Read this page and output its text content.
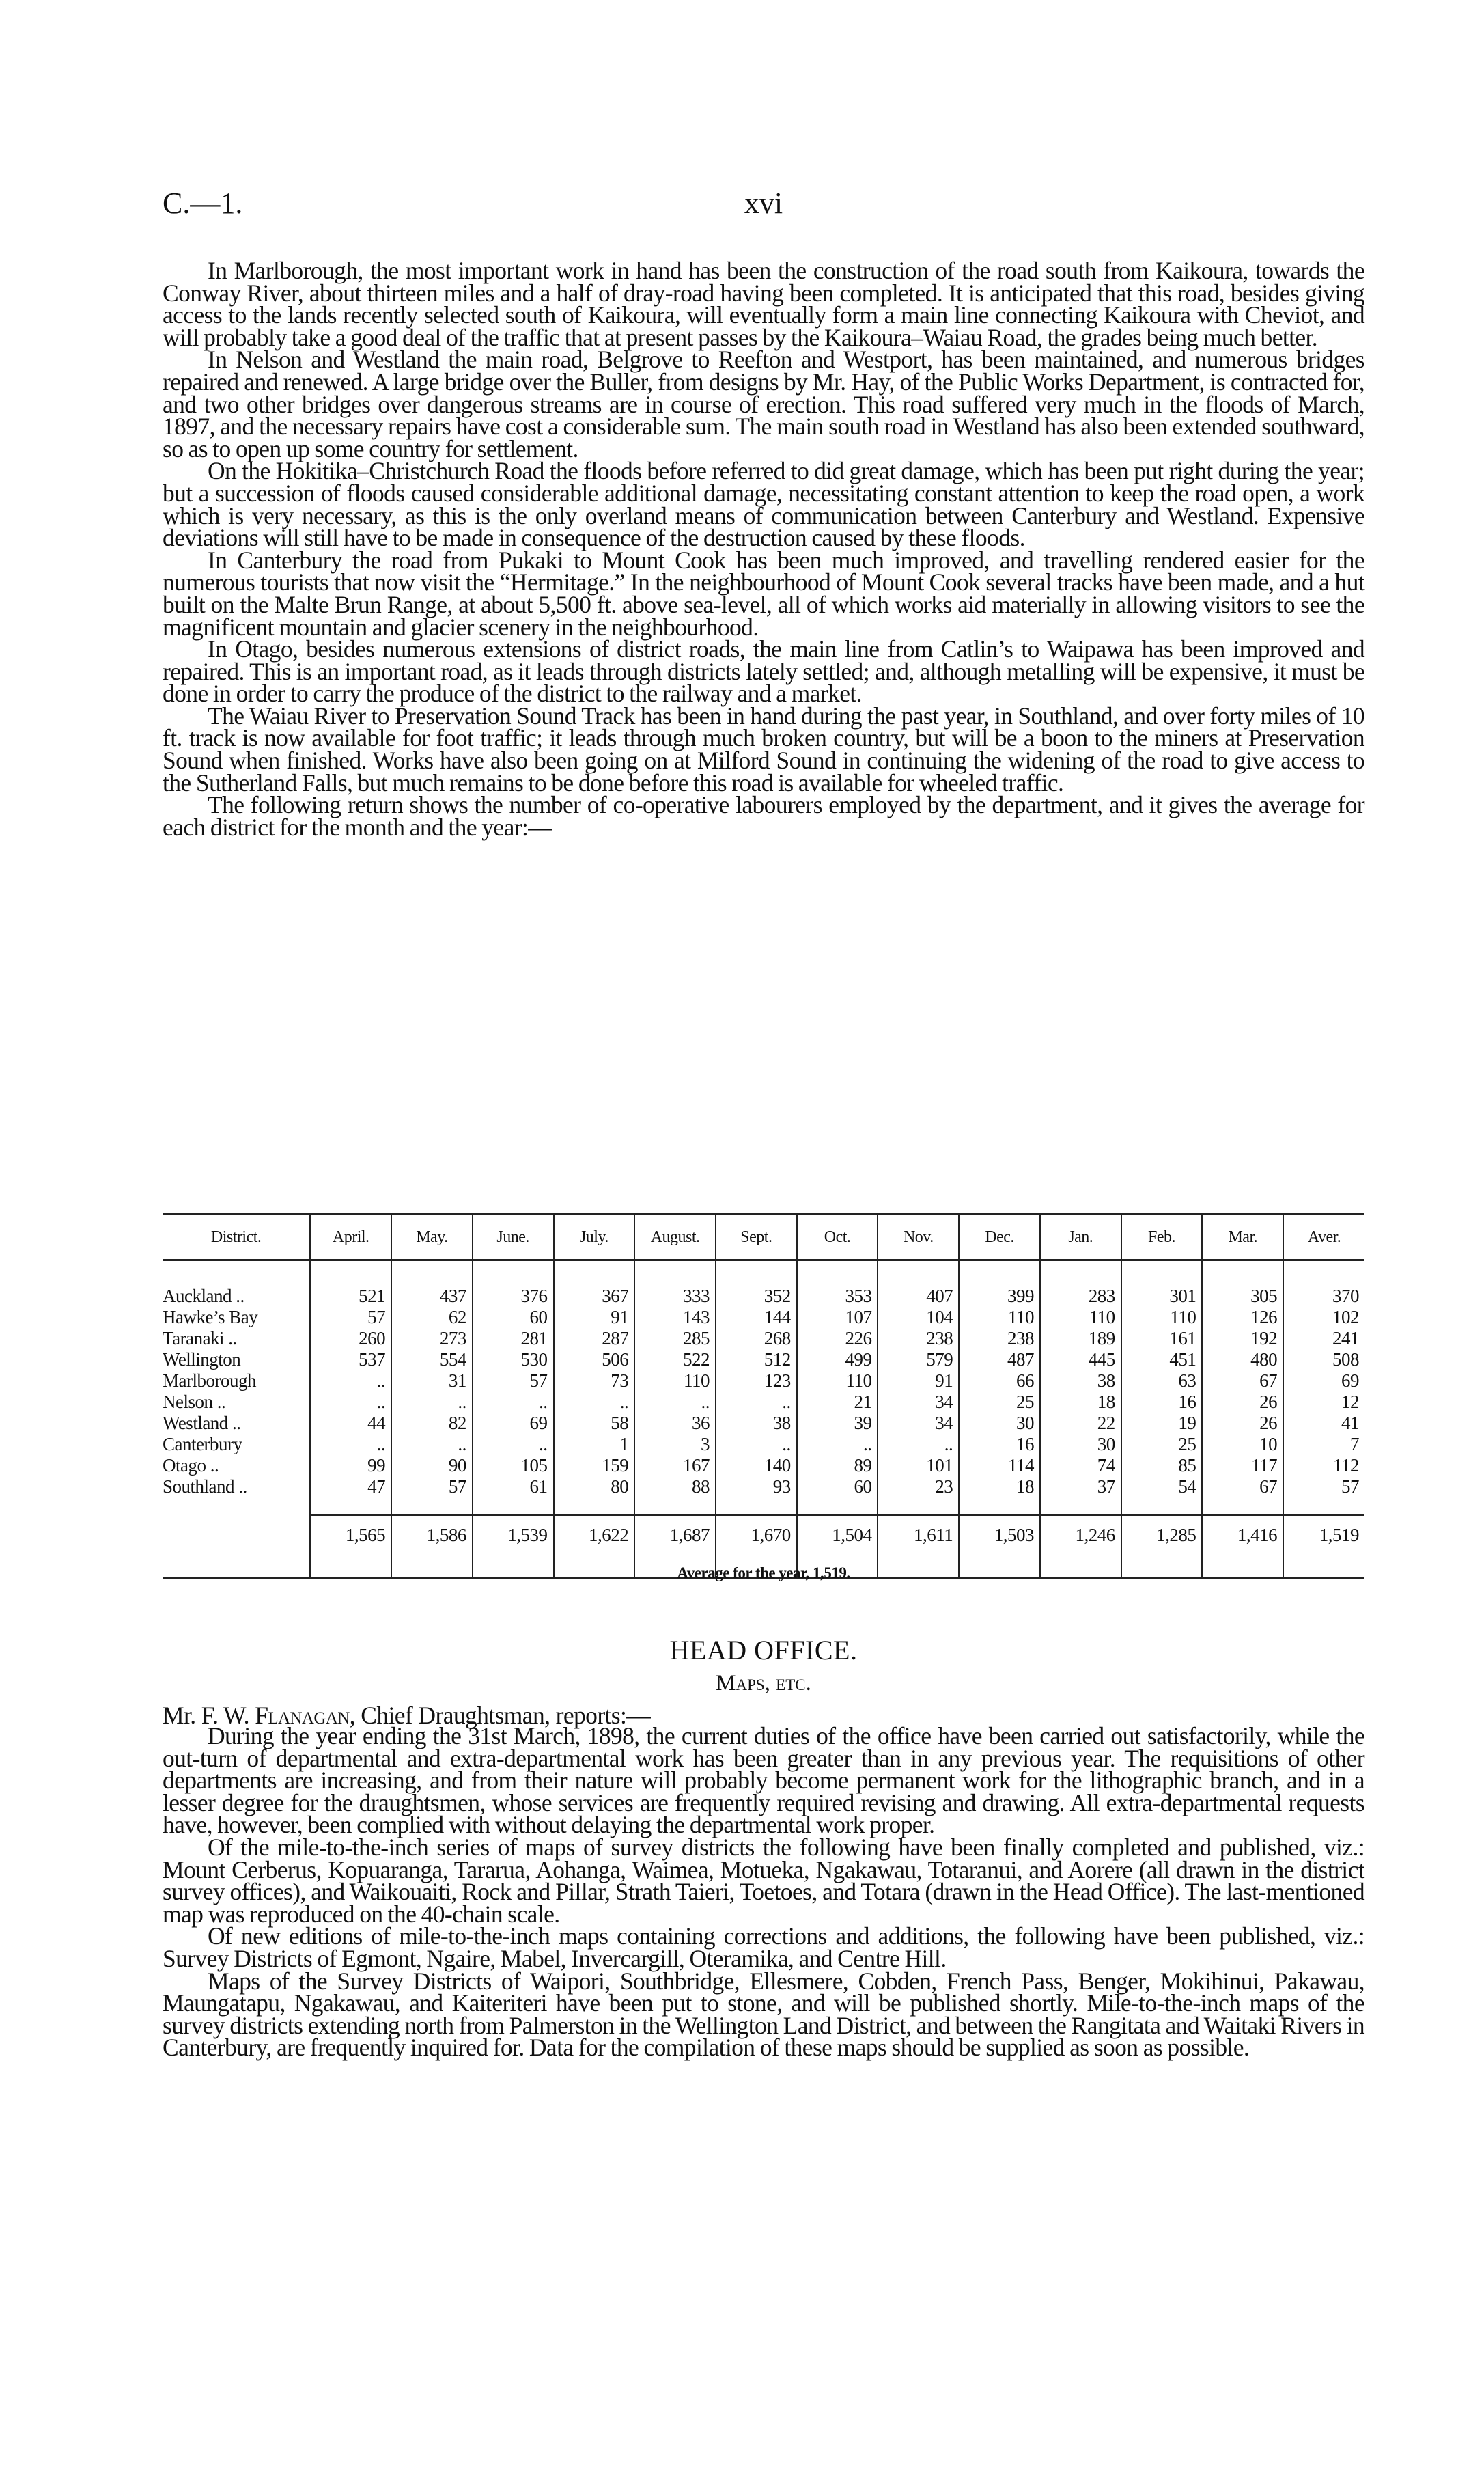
C.—1.	xvi

In Marlborough, the most important work in hand has been the construction of the road south from Kaikoura, towards the Conway River, about thirteen miles and a half of dray-road having been completed. It is anticipated that this road, besides giving access to the lands recently selected south of Kaikoura, will eventually form a main line connecting Kaikoura with Cheviot, and will probably take a good deal of the traffic that at present passes by the Kaikoura–Waiau Road, the grades being much better.

In Nelson and Westland the main road, Belgrove to Reefton and Westport, has been maintained, and numerous bridges repaired and renewed. A large bridge over the Buller, from designs by Mr. Hay, of the Public Works Department, is contracted for, and two other bridges over dangerous streams are in course of erection. This road suffered very much in the floods of March, 1897, and the necessary repairs have cost a considerable sum. The main south road in Westland has also been extended southward, so as to open up some country for settlement.

On the Hokitika–Christchurch Road the floods before referred to did great damage, which has been put right during the year; but a succession of floods caused considerable additional damage, necessitating constant attention to keep the road open, a work which is very necessary, as this is the only overland means of communication between Canterbury and Westland. Expensive deviations will still have to be made in consequence of the destruction caused by these floods.

In Canterbury the road from Pukaki to Mount Cook has been much improved, and travelling rendered easier for the numerous tourists that now visit the “Hermitage.” In the neighbourhood of Mount Cook several tracks have been made, and a hut built on the Malte Brun Range, at about 5,500 ft. above sea-level, all of which works aid materially in allowing visitors to see the magnificent mountain and glacier scenery in the neighbourhood.

In Otago, besides numerous extensions of district roads, the main line from Catlin’s to Waipawa has been improved and repaired. This is an important road, as it leads through districts lately settled; and, although metalling will be expensive, it must be done in order to carry the produce of the district to the railway and a market.

The Waiau River to Preservation Sound Track has been in hand during the past year, in Southland, and over forty miles of 10 ft. track is now available for foot traffic; it leads through much broken country, but will be a boon to the miners at Preservation Sound when finished. Works have also been going on at Milford Sound in continuing the widening of the road to give access to the Sutherland Falls, but much remains to be done before this road is available for wheeled traffic.

The following return shows the number of co-operative labourers employed by the department, and it gives the average for each district for the month and the year:—

District.	April.	May.	June.	July.	August.	Sept.	Oct.	Nov.	Dec.	Jan.	Feb.	Mar.	Aver.

Auckland ..	521	437	376	367	333	352	353	407	399	283	301	305	370
Hawke’s Bay	57	62	60	91	143	144	107	104	110	110	110	126	102
Taranaki ..	260	273	281	287	285	268	226	238	238	189	161	192	241
Wellington	537	554	530	506	522	512	499	579	487	445	451	480	508
Marlborough	..	31	57	73	110	123	110	91	66	38	63	67	69
Nelson ..	..	..	..	..	..	..	21	34	25	18	16	26	12
Westland ..	44	82	69	58	36	38	39	34	30	22	19	26	41
Canterbury	..	..	..	1	3	..	..	..	16	30	25	10	7
Otago ..	99	90	105	159	167	140	89	101	114	74	85	117	112
Southland ..	47	57	61	80	88	93	60	23	18	37	54	67	57

	1,565	1,586	1,539	1,622	1,687	1,670	1,504	1,611	1,503	1,246	1,285	1,416	1,519

Average for the year, 1,519.
HEAD OFFICE.
Maps, etc.
Mr. F. W. Flanagan, Chief Draughtsman, reports:—

During the year ending the 31st March, 1898, the current duties of the office have been carried out satisfactorily, while the out-turn of departmental and extra-departmental work has been greater than in any previous year. The requisitions of other departments are increasing, and from their nature will probably become permanent work for the lithographic branch, and in a lesser degree for the draughtsmen, whose services are frequently required revising and drawing. All extra-departmental requests have, however, been complied with without delaying the departmental work proper.

Of the mile-to-the-inch series of maps of survey districts the following have been finally completed and published, viz.: Mount Cerberus, Kopuaranga, Tararua, Aohanga, Waimea, Motueka, Ngakawau, Totaranui, and Aorere (all drawn in the district survey offices), and Waikouaiti, Rock and Pillar, Strath Taieri, Toetoes, and Totara (drawn in the Head Office). The last-mentioned map was reproduced on the 40-chain scale.

Of new editions of mile-to-the-inch maps containing corrections and additions, the following have been published, viz.: Survey Districts of Egmont, Ngaire, Mabel, Invercargill, Oteramika, and Centre Hill.

Maps of the Survey Districts of Waipori, Southbridge, Ellesmere, Cobden, French Pass, Benger, Mokihinui, Pakawau, Maungatapu, Ngakawau, and Kaiteriteri have been put to stone, and will be published shortly. Mile-to-the-inch maps of the survey districts extending north from Palmerston in the Wellington Land District, and between the Rangitata and Waitaki Rivers in Canterbury, are frequently inquired for. Data for the compilation of these maps should be supplied as soon as possible.
